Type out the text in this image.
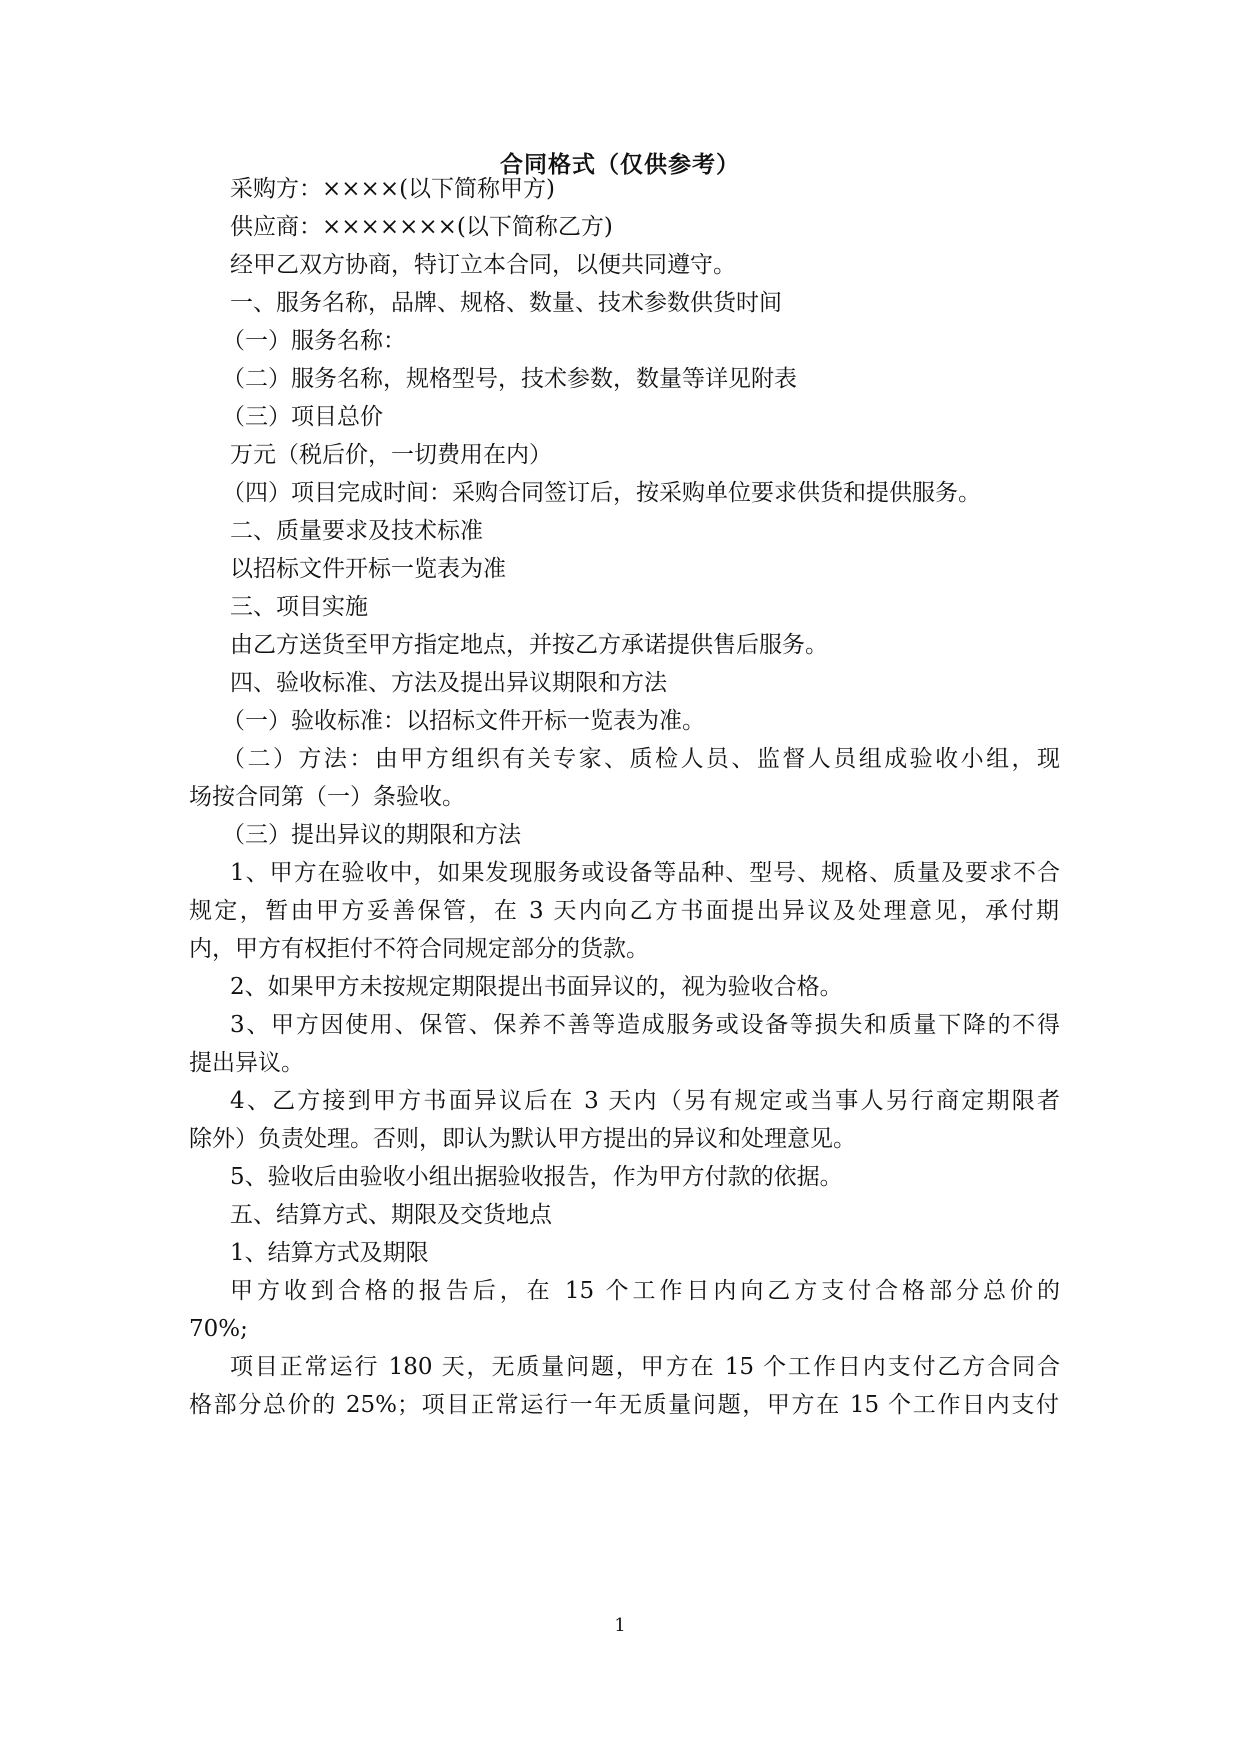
合同格式（仅供参考）
采购方：××××(以下简称甲方)
供应商：×××××××(以下简称乙方)
经甲乙双方协商，特订立本合同，以便共同遵守。
一、服务名称，品牌、规格、数量、技术参数供货时间
（一）服务名称：
（二）服务名称，规格型号，技术参数，数量等详见附表
（三）项目总价
万元（税后价，一切费用在内）
（四）项目完成时间：采购合同签订后，按采购单位要求供货和提供服务。
二、质量要求及技术标准
以招标文件开标一览表为准
三、项目实施
由乙方送货至甲方指定地点，并按乙方承诺提供售后服务。
四、验收标准、方法及提出异议期限和方法
（一）验收标准：以招标文件开标一览表为准。
（二）方法：由甲方组织有关专家、质检人员、监督人员组成验收小组，现
场按合同第（一）条验收。
（三）提出异议的期限和方法
1、甲方在验收中，如果发现服务或设备等品种、型号、规格、质量及要求不合
规定，暂由甲方妥善保管，在 3 天内向乙方书面提出异议及处理意见，承付期
内，甲方有权拒付不符合同规定部分的货款。
2、如果甲方未按规定期限提出书面异议的，视为验收合格。
3、甲方因使用、保管、保养不善等造成服务或设备等损失和质量下降的不得
提出异议。
4、乙方接到甲方书面异议后在 3 天内（另有规定或当事人另行商定期限者
除外）负责处理。否则，即认为默认甲方提出的异议和处理意见。
5、验收后由验收小组出据验收报告，作为甲方付款的依据。
五、结算方式、期限及交货地点
1、结算方式及期限
甲方收到合格的报告后，在 15 个工作日内向乙方支付合格部分总价的
70%;
项目正常运行 180 天，无质量问题，甲方在 15 个工作日内支付乙方合同合
格部分总价的 25%；项目正常运行一年无质量问题，甲方在 15 个工作日内支付
1
